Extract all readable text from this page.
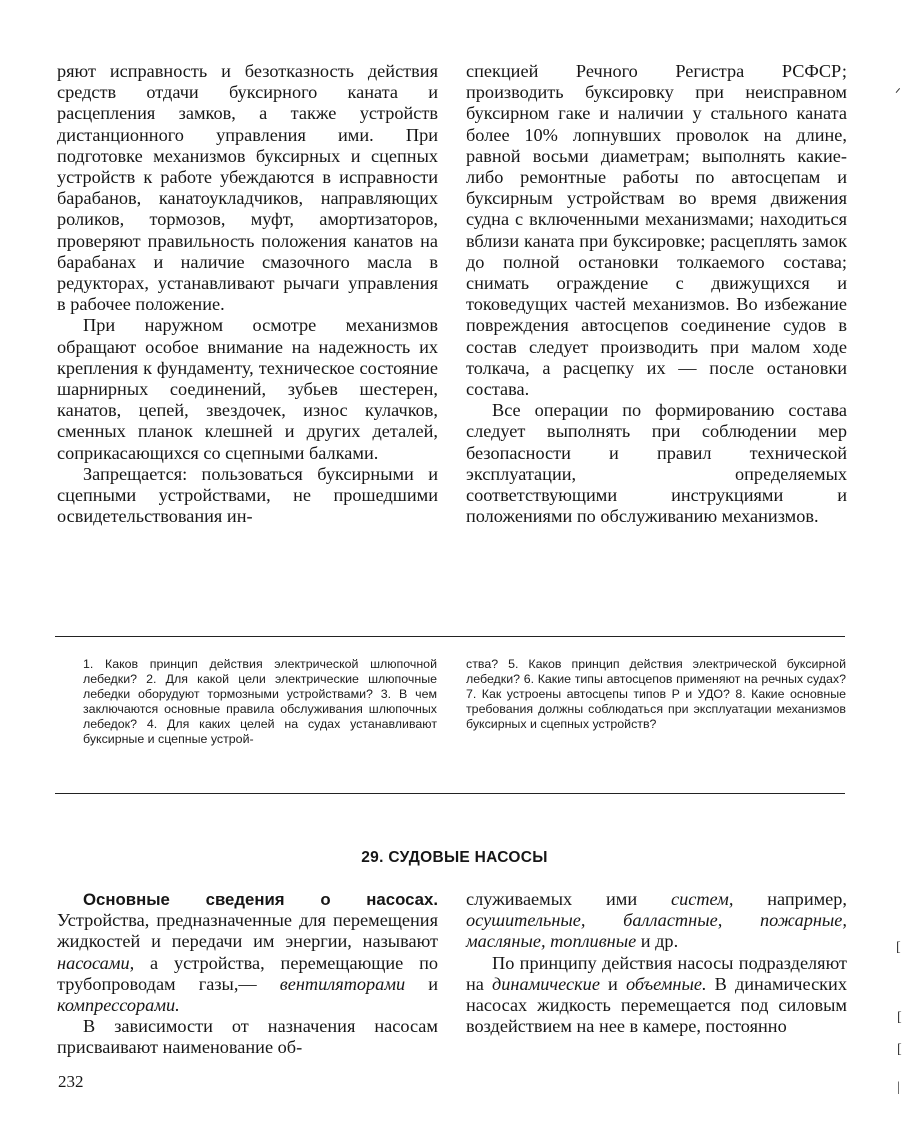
ряют исправность и безотказность действия средств отдачи буксирного каната и расцепления замков, а также устройств дистанционного управления ими. При подготовке механизмов буксирных и сцепных устройств к работе убеждаются в исправности барабанов, канатоукладчиков, направляющих роликов, тормозов, муфт, амортизаторов, проверяют правильность положения канатов на барабанах и наличие смазочного масла в редукторах, устанавливают рычаги управления в рабочее положение.

При наружном осмотре механизмов обращают особое внимание на надежность их крепления к фундаменту, техническое состояние шарнирных соединений, зубьев шестерен, канатов, цепей, звездочек, износ кулачков, сменных планок клешней и других деталей, соприкасающихся со сцепными балками.

Запрещается: пользоваться буксирными и сцепными устройствами, не прошедшими освидетельствования ин-

спекцией Речного Регистра РСФСР; производить буксировку при неисправном буксирном гаке и наличии у стального каната более 10% лопнувших проволок на длине, равной восьми диаметрам; выполнять какие-либо ремонтные работы по автосцепам и буксирным устройствам во время движения судна с включенными механизмами; находиться вблизи каната при буксировке; расцеплять замок до полной остановки толкаемого состава; снимать ограждение с движущихся и токоведущих частей механизмов. Во избежание повреждения автосцепов соединение судов в состав следует производить при малом ходе толкача, а расцепку их — после остановки состава.

Все операции по формированию состава следует выполнять при соблюдении мер безопасности и правил технической эксплуатации, определяемых соответствующими инструкциями и положениями по обслуживанию механизмов.

1. Каков принцип действия электрической шлюпочной лебедки? 2. Для какой цели электрические шлюпочные лебедки оборудуют тормозными устройствами? 3. В чем заключаются основные правила обслуживания шлюпочных лебедок? 4. Для каких целей на судах устанавливают буксирные и сцепные устрой-
ства? 5. Каков принцип действия электрической буксирной лебедки? 6. Какие типы автосцепов применяют на речных судах? 7. Как устроены автосцепы типов Р и УДО? 8. Какие основные требования должны соблюдаться при эксплуатации механизмов буксирных и сцепных устройств?
29. СУДОВЫЕ НАСОСЫ

Основные сведения о насосах. Устройства, предназначенные для перемещения жидкостей и передачи им энергии, называют насосами, а устройства, перемещающие по трубопроводам газы,— вентиляторами и компрессорами.

В зависимости от назначения насосам присваивают наименование об-

служиваемых ими систем, например, осушительные, балластные, пожарные, масляные, топливные и др.

По принципу действия насосы подразделяют на динамические и объемные. В динамических насосах жидкость перемещается под силовым воздействием на нее в камере, постоянно

232
ᐟ
[
[
[
|
